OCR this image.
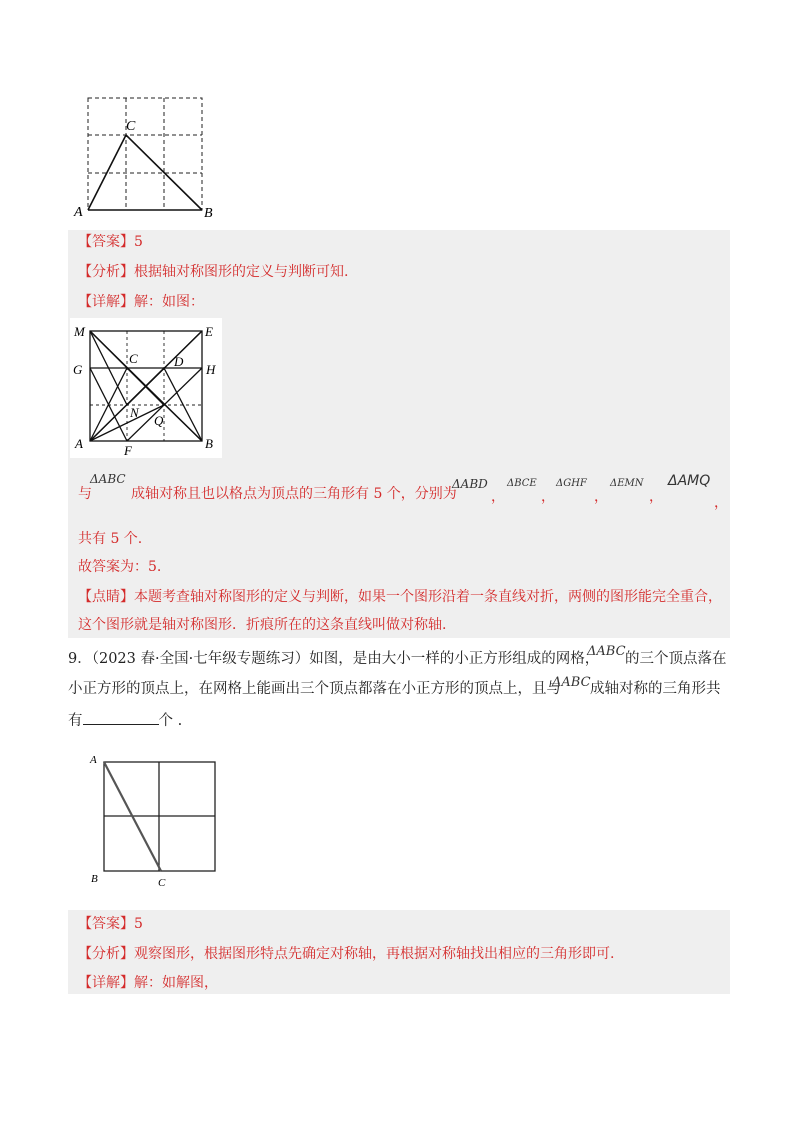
A	B
C
【答案】5
【分析】根据轴对称图形的定义与判断可知.
【详解】解：如图：
M	E
G	H
C	D
N
Q
A	F	B
与
ΔABC
成轴对称且也以格点为顶点的三角形有 5 个，分别为
ΔABD
，
ΔBCE
，
ΔGHF
，
ΔEMN
，
ΔAMQ
，
共有 5 个.
故答案为：5.
【点睛】本题考查轴对称图形的定义与判断，如果一个图形沿着一条直线对折，两侧的图形能完全重合，
这个图形就是轴对称图形．折痕所在的这条直线叫做对称轴.
9．（2023 春·全国·七年级专题练习）如图，是由大小一样的小正方形组成的网格，
ΔABC 的三个顶点落在
小正方形的顶点上，在网格上能画出三个顶点都落在小正方形的顶点上，且与
ΔABC 成轴对称的三角形共
有	个 .
A
B	C
【答案】5
【分析】观察图形，根据图形特点先确定对称轴，再根据对称轴找出相应的三角形即可.
【详解】解：如解图，
